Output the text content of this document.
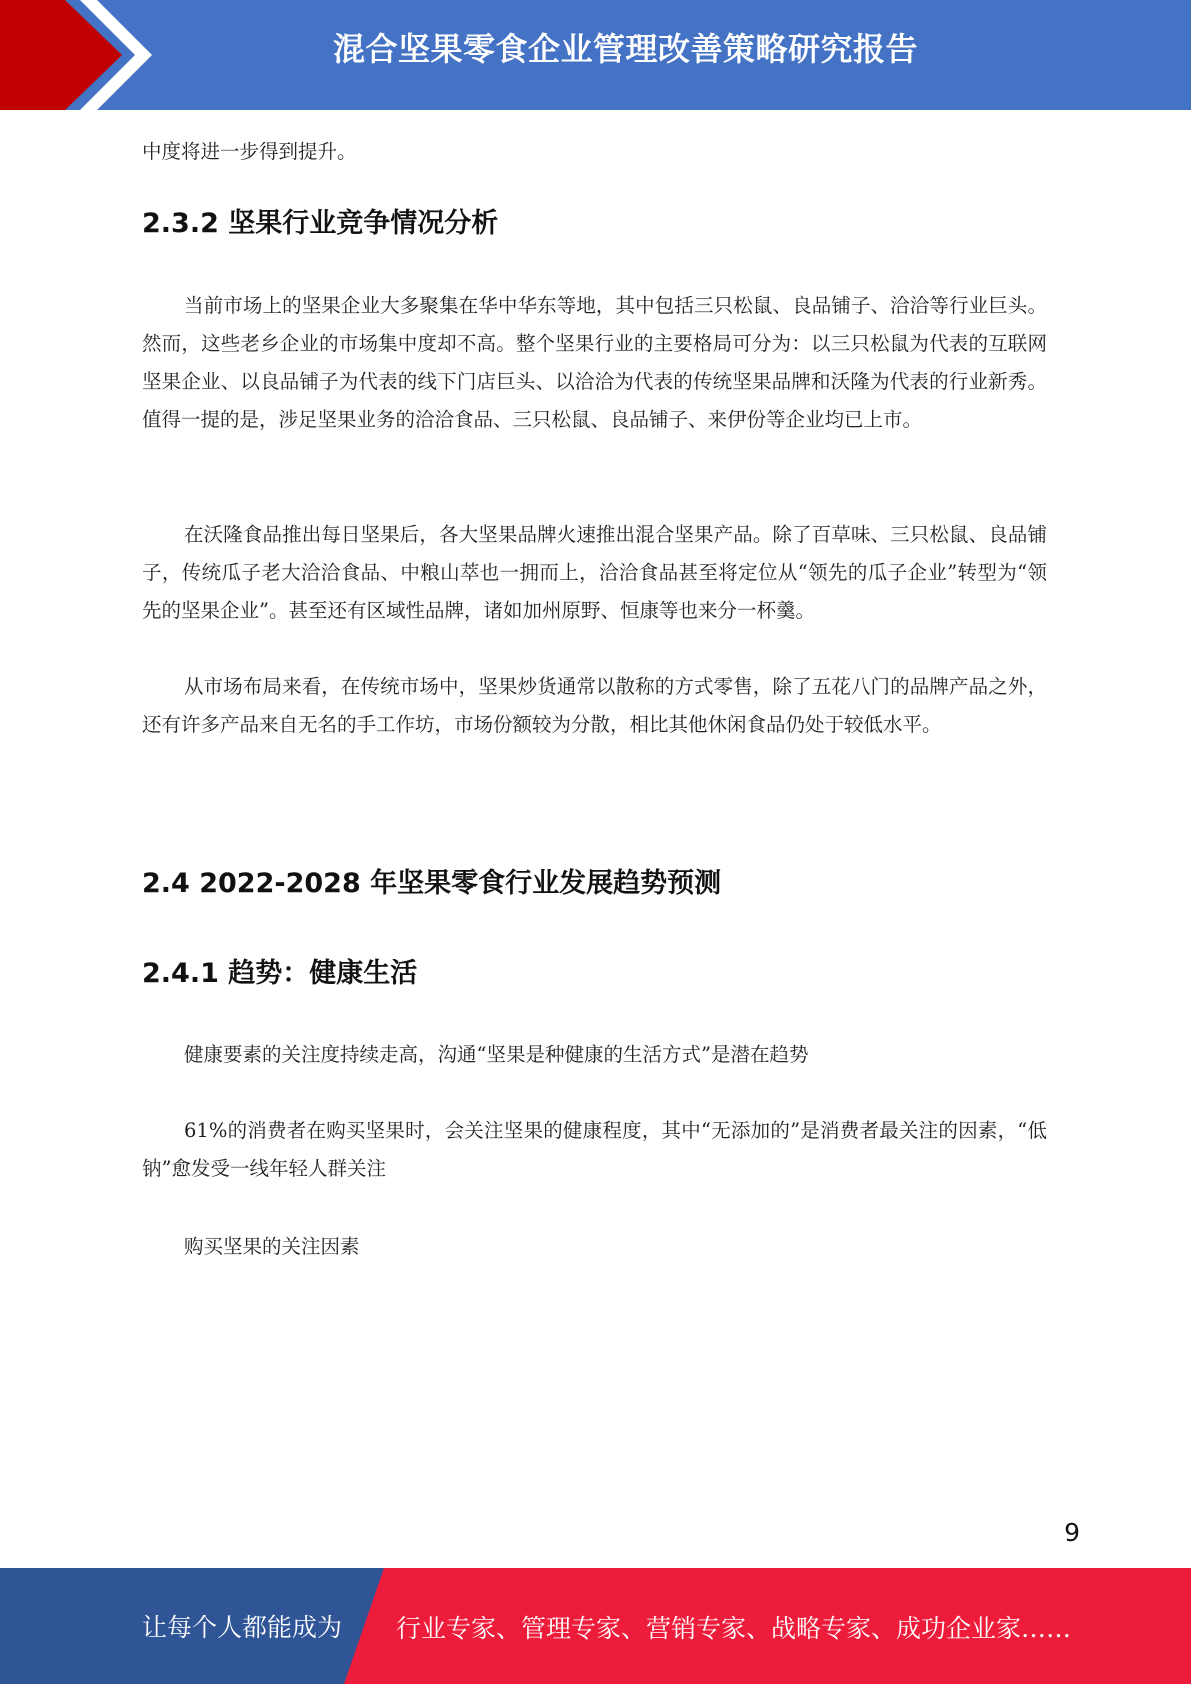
混合坚果零食企业管理改善策略研究报告

中度将进一步得到提升。

2.3.2 坚果行业竞争情况分析

当前市场上的坚果企业大多聚集在华中华东等地，其中包括三只松鼠、良品铺子、洽洽等行业巨头。然而，这些老乡企业的市场集中度却不高。整个坚果行业的主要格局可分为：以三只松鼠为代表的互联网坚果企业、以良品铺子为代表的线下门店巨头、以洽洽为代表的传统坚果品牌和沃隆为代表的行业新秀。值得一提的是，涉足坚果业务的洽洽食品、三只松鼠、良品铺子、来伊份等企业均已上市。

在沃隆食品推出每日坚果后，各大坚果品牌火速推出混合坚果产品。除了百草味、三只松鼠、良品铺子，传统瓜子老大洽洽食品、中粮山萃也一拥而上，洽洽食品甚至将定位从“领先的瓜子企业”转型为“领先的坚果企业”。甚至还有区域性品牌，诸如加州原野、恒康等也来分一杯羹。

从市场布局来看，在传统市场中，坚果炒货通常以散称的方式零售，除了五花八门的品牌产品之外，还有许多产品来自无名的手工作坊，市场份额较为分散，相比其他休闲食品仍处于较低水平。

2.4 2022-2028 年坚果零食行业发展趋势预测
2.4.1 趋势：健康生活

健康要素的关注度持续走高，沟通“坚果是种健康的生活方式”是潜在趋势

61%的消费者在购买坚果时，会关注坚果的健康程度，其中“无添加的”是消费者最关注的因素，“低钠”愈发受一线年轻人群关注

购买坚果的关注因素

9
让每个人都能成为 行业专家、管理专家、营销专家、战略专家、成功企业家……
